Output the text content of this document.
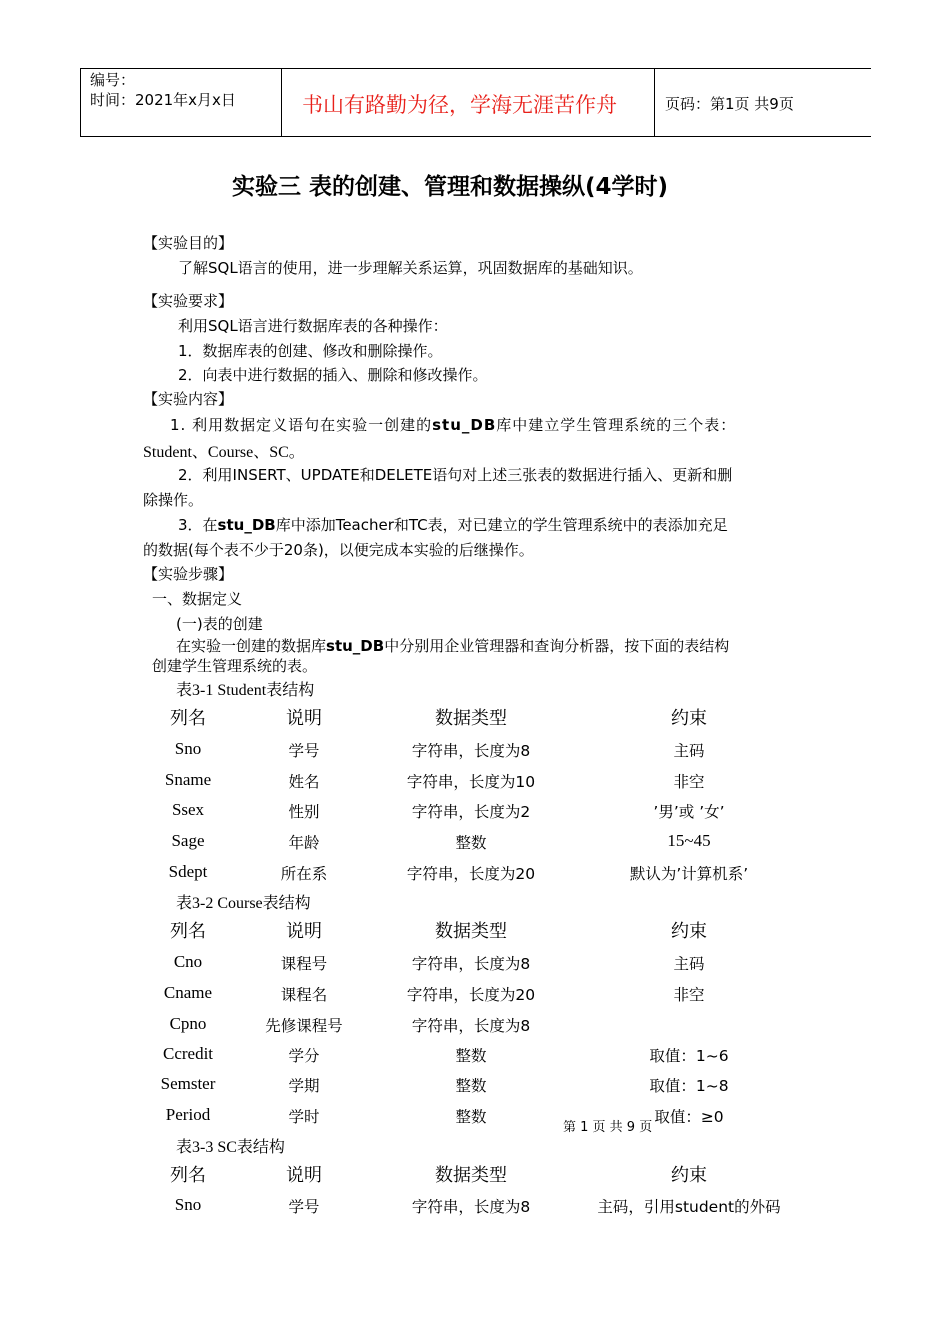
编号：
时间：2021年x月x日	书山有路勤为径，学海无涯苦作舟	页码：第1页 共9页
实验三 表的创建、管理和数据操纵(4学时)
【实验目的】
了解SQL语言的使用，进一步理解关系运算，巩固数据库的基础知识。
【实验要求】
利用SQL语言进行数据库表的各种操作：
1．数据库表的创建、修改和删除操作。
2．向表中进行数据的插入、删除和修改操作。
【实验内容】
1. 利用数据定义语句在实验一创建的stu_DB库中建立学生管理系统的三个表：
Student、Course、SC。
2．利用INSERT、UPDATE和DELETE语句对上述三张表的数据进行插入、更新和删
除操作。
3．在stu_DB库中添加Teacher和TC表，对已建立的学生管理系统中的表添加充足
的数据(每个表不少于20条)，以便完成本实验的后继操作。
【实验步骤】
一、数据定义
(一)表的创建
在实验一创建的数据库stu_DB中分别用企业管理器和查询分析器，按下面的表结构
创建学生管理系统的表。
表3-1 Student表结构
列名	说明	数据类型	约束
Sno	学号	字符串，长度为8	主码
Sname	姓名	字符串，长度为10	非空
Ssex	性别	字符串，长度为2	’男’或 ’女’
Sage	年龄	整数	15~45
Sdept	所在系	字符串，长度为20	默认为’计算机系’
表3-2 Course表结构
列名	说明	数据类型	约束
Cno	课程号	字符串，长度为8	主码
Cname	课程名	字符串，长度为20	非空
Cpno	先修课程号	字符串，长度为8
Ccredit	学分	整数	取值：1~6
Semster	学期	整数	取值：1~8
Period	学时	整数	取值：≥0
第 1 页 共 9 页
表3-3 SC表结构
列名	说明	数据类型	约束
Sno	学号	字符串，长度为8	主码，引用student的外码
